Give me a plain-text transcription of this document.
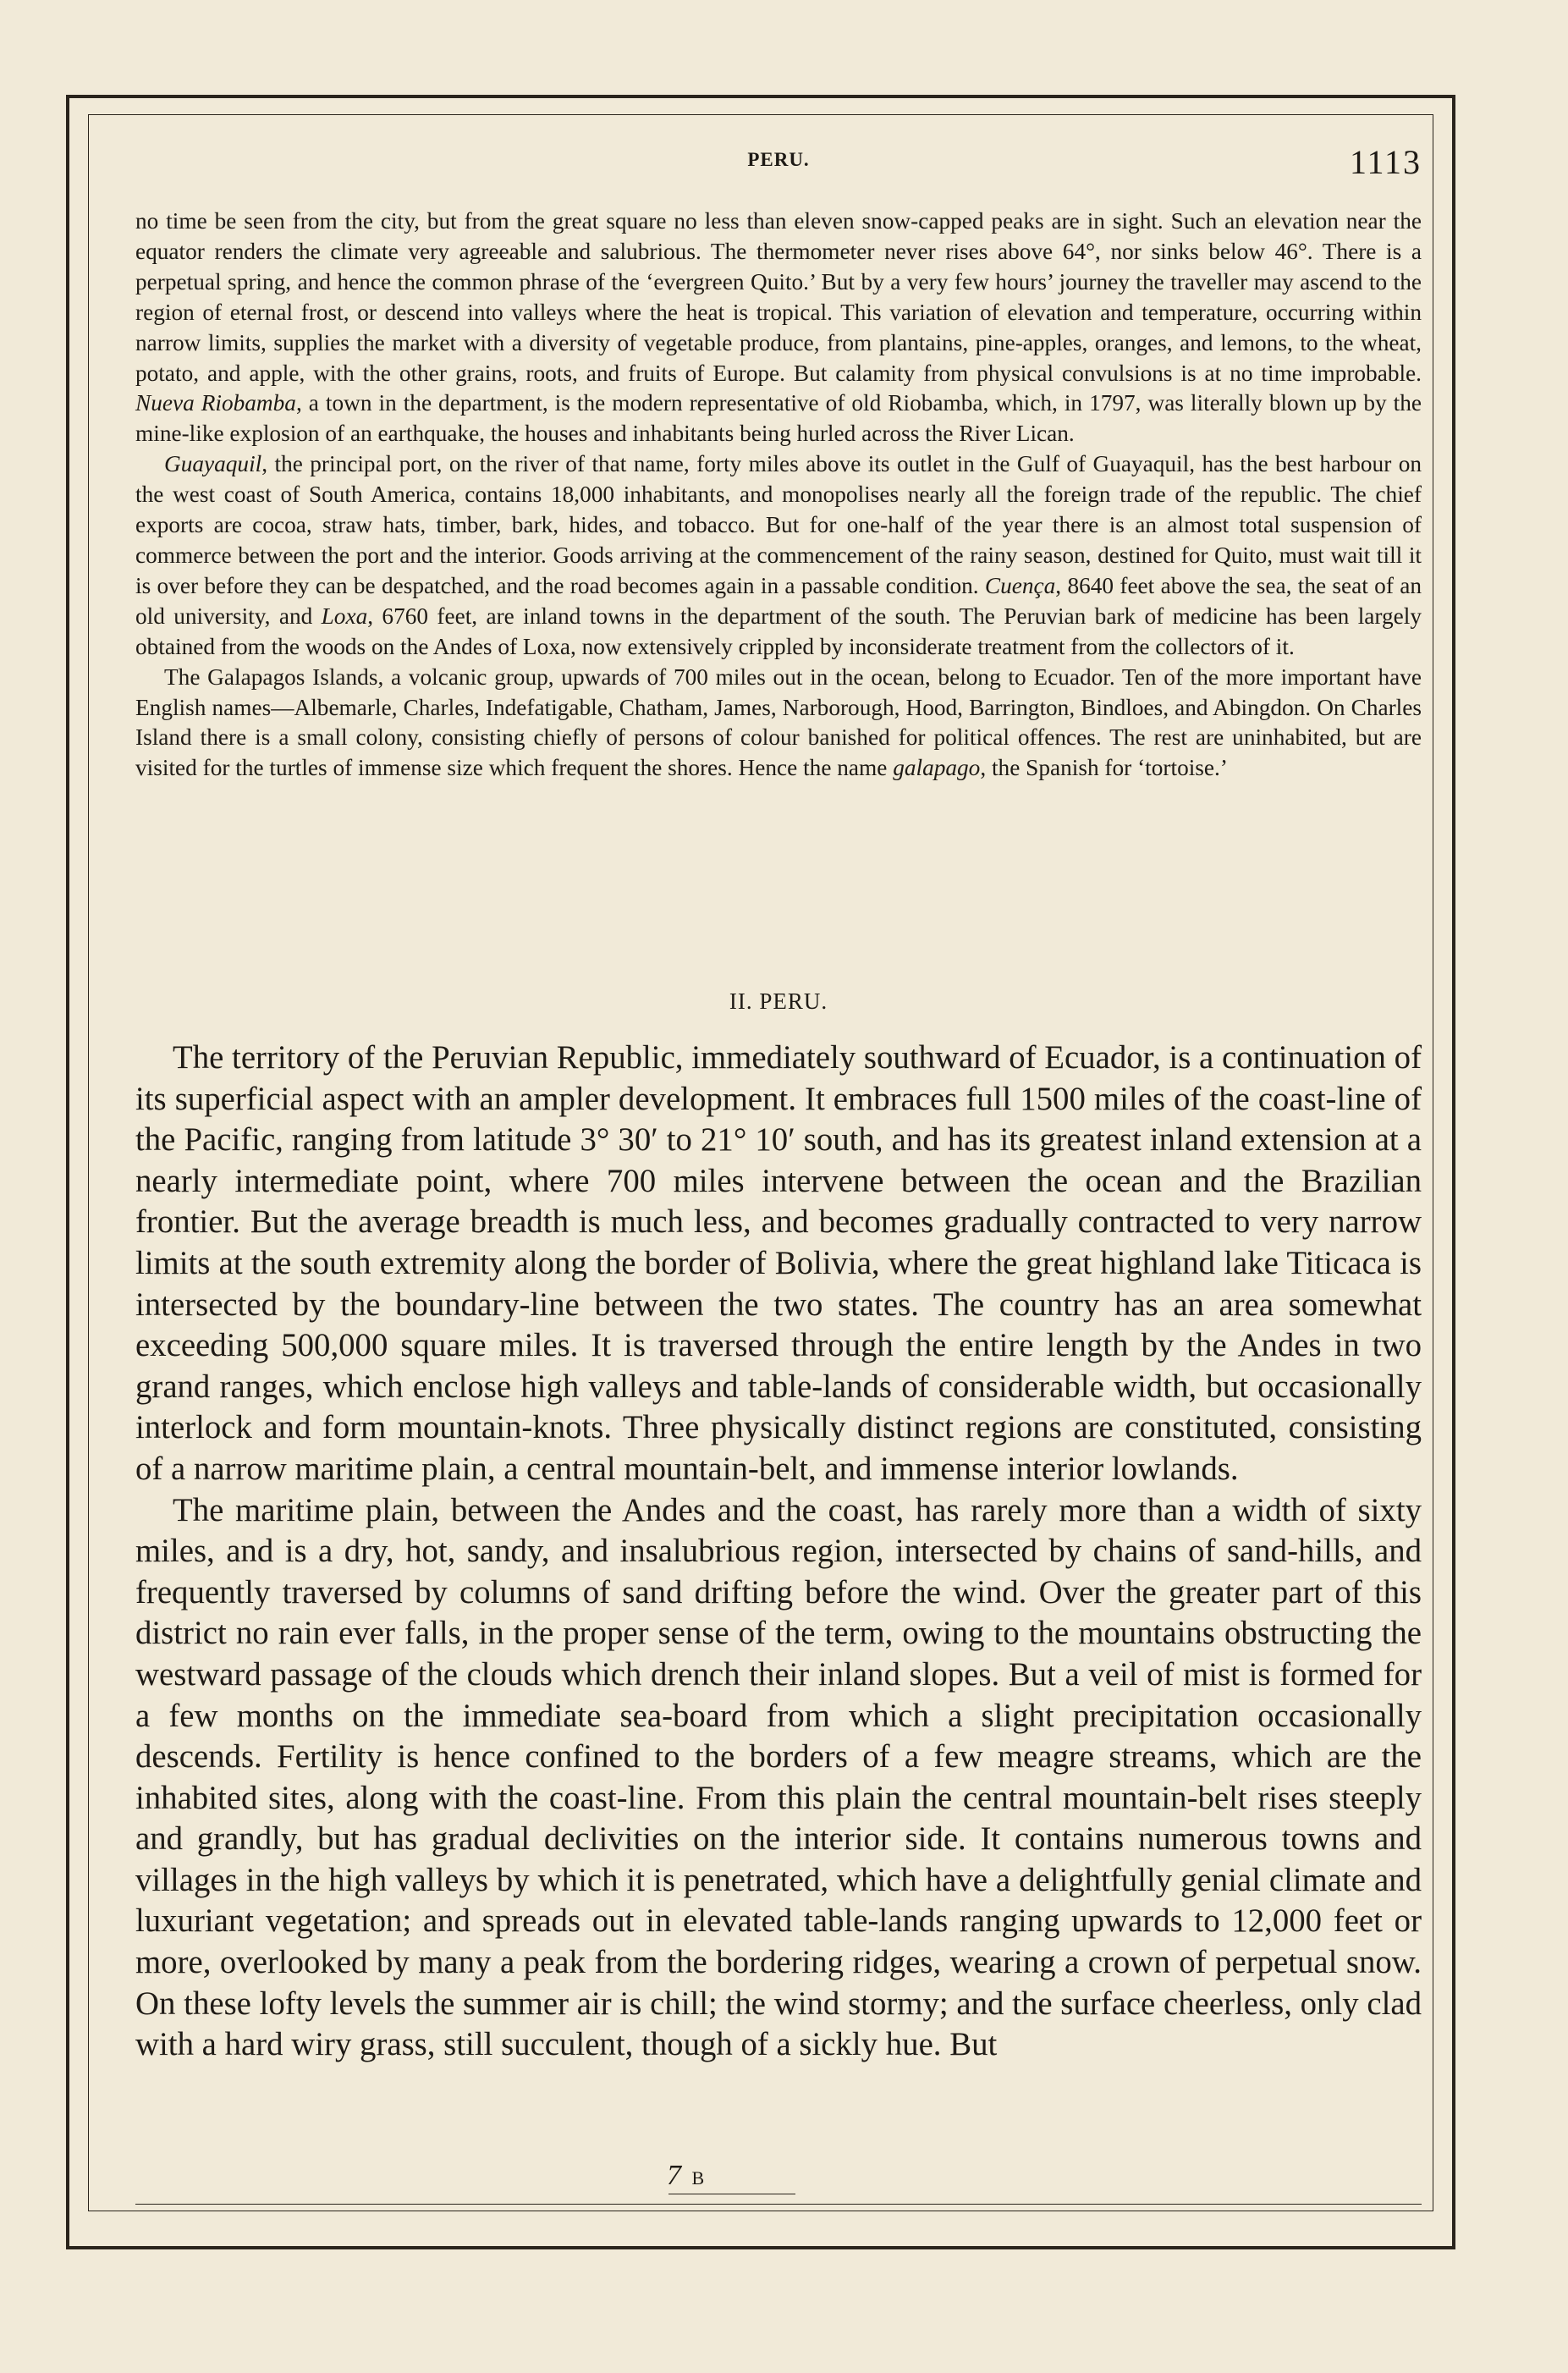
PERU.	1113

no time be seen from the city, but from the great square no less than eleven snow-capped peaks are in sight. Such an elevation near the equator renders the climate very agreeable and salubrious. The thermometer never rises above 64°, nor sinks below 46°. There is a perpetual spring, and hence the common phrase of the ‘evergreen Quito.’ But by a very few hours’ journey the traveller may ascend to the region of eternal frost, or descend into valleys where the heat is tropical. This variation of elevation and temperature, occurring within narrow limits, supplies the market with a diversity of vegetable produce, from plantains, pine-apples, oranges, and lemons, to the wheat, potato, and apple, with the other grains, roots, and fruits of Europe. But calamity from physical convulsions is at no time improbable. Nueva Riobamba, a town in the department, is the modern representative of old Riobamba, which, in 1797, was literally blown up by the mine-like explosion of an earthquake, the houses and inhabitants being hurled across the River Lican.

Guayaquil, the principal port, on the river of that name, forty miles above its outlet in the Gulf of Guayaquil, has the best harbour on the west coast of South America, contains 18,000 inhabitants, and monopolises nearly all the foreign trade of the republic. The chief exports are cocoa, straw hats, timber, bark, hides, and tobacco. But for one-half of the year there is an almost total suspension of commerce between the port and the interior. Goods arriving at the commencement of the rainy season, destined for Quito, must wait till it is over before they can be despatched, and the road becomes again in a passable condition. Cuença, 8640 feet above the sea, the seat of an old university, and Loxa, 6760 feet, are inland towns in the department of the south. The Peruvian bark of medicine has been largely obtained from the woods on the Andes of Loxa, now extensively crippled by inconsiderate treatment from the collectors of it.

The Galapagos Islands, a volcanic group, upwards of 700 miles out in the ocean, belong to Ecuador. Ten of the more important have English names—Albemarle, Charles, Indefatigable, Chatham, James, Narborough, Hood, Barrington, Bindloes, and Abingdon. On Charles Island there is a small colony, consisting chiefly of persons of colour banished for political offences. The rest are uninhabited, but are visited for the turtles of immense size which frequent the shores. Hence the name galapago, the Spanish for ‘tortoise.’

II. PERU.

The territory of the Peruvian Republic, immediately southward of Ecuador, is a continuation of its superficial aspect with an ampler development. It embraces full 1500 miles of the coast-line of the Pacific, ranging from latitude 3° 30′ to 21° 10′ south, and has its greatest inland extension at a nearly intermediate point, where 700 miles intervene between the ocean and the Brazilian frontier. But the average breadth is much less, and becomes gradually contracted to very narrow limits at the south extremity along the border of Bolivia, where the great highland lake Titicaca is intersected by the boundary-line between the two states. The country has an area somewhat exceeding 500,000 square miles. It is traversed through the entire length by the Andes in two grand ranges, which enclose high valleys and table-lands of considerable width, but occasionally interlock and form mountain-knots. Three physically distinct regions are constituted, consisting of a narrow maritime plain, a central mountain-belt, and immense interior lowlands.

The maritime plain, between the Andes and the coast, has rarely more than a width of sixty miles, and is a dry, hot, sandy, and insalubrious region, intersected by chains of sand-hills, and frequently traversed by columns of sand drifting before the wind. Over the greater part of this district no rain ever falls, in the proper sense of the term, owing to the mountains obstructing the westward passage of the clouds which drench their inland slopes. But a veil of mist is formed for a few months on the immediate sea-board from which a slight precipitation occasionally descends. Fertility is hence confined to the borders of a few meagre streams, which are the inhabited sites, along with the coast-line. From this plain the central mountain-belt rises steeply and grandly, but has gradual declivities on the interior side. It contains numerous towns and villages in the high valleys by which it is penetrated, which have a delightfully genial climate and luxuriant vegetation; and spreads out in elevated table-lands ranging upwards to 12,000 feet or more, overlooked by many a peak from the bordering ridges, wearing a crown of perpetual snow. On these lofty levels the summer air is chill; the wind stormy; and the surface cheerless, only clad with a hard wiry grass, still succulent, though of a sickly hue. But

7 B
